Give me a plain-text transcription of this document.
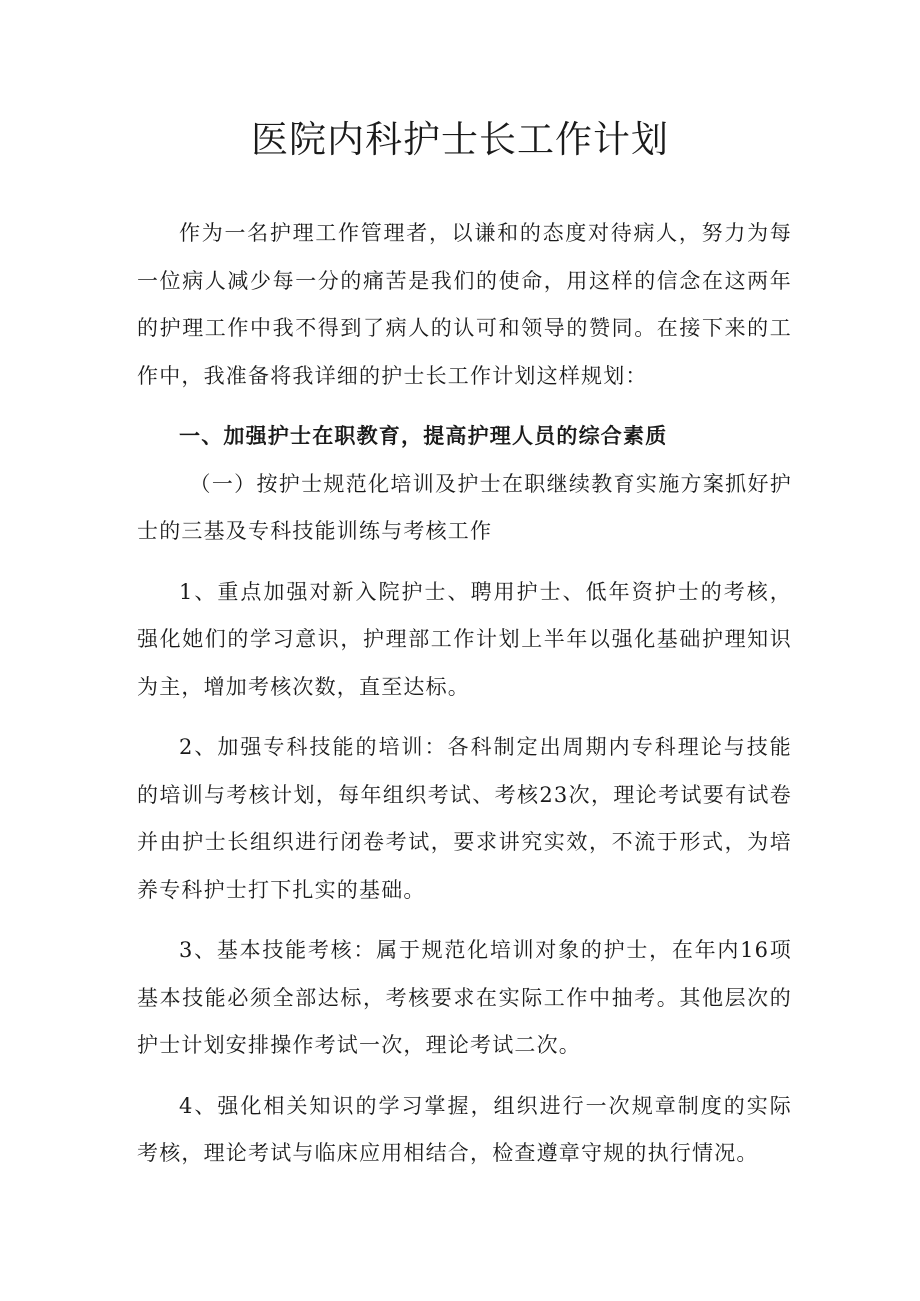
医院内科护士长工作计划

作为一名护理工作管理者，以谦和的态度对待病人，努力为每一位病人减少每一分的痛苦是我们的使命，用这样的信念在这两年的护理工作中我不得到了病人的认可和领导的赞同。在接下来的工作中，我准备将我详细的护士长工作计划这样规划：

一、加强护士在职教育，提高护理人员的综合素质

（一）按护士规范化培训及护士在职继续教育实施方案抓好护士的三基及专科技能训练与考核工作

1、重点加强对新入院护士、聘用护士、低年资护士的考核，强化她们的学习意识，护理部工作计划上半年以强化基础护理知识为主，增加考核次数，直至达标。

2、加强专科技能的培训：各科制定出周期内专科理论与技能的培训与考核计划，每年组织考试、考核23次，理论考试要有试卷并由护士长组织进行闭卷考试，要求讲究实效，不流于形式，为培养专科护士打下扎实的基础。

3、基本技能考核：属于规范化培训对象的护士，在年内16项基本技能必须全部达标，考核要求在实际工作中抽考。其他层次的护士计划安排操作考试一次，理论考试二次。

4、强化相关知识的学习掌握，组织进行一次规章制度的实际考核，理论考试与临床应用相结合，检查遵章守规的执行情况。
